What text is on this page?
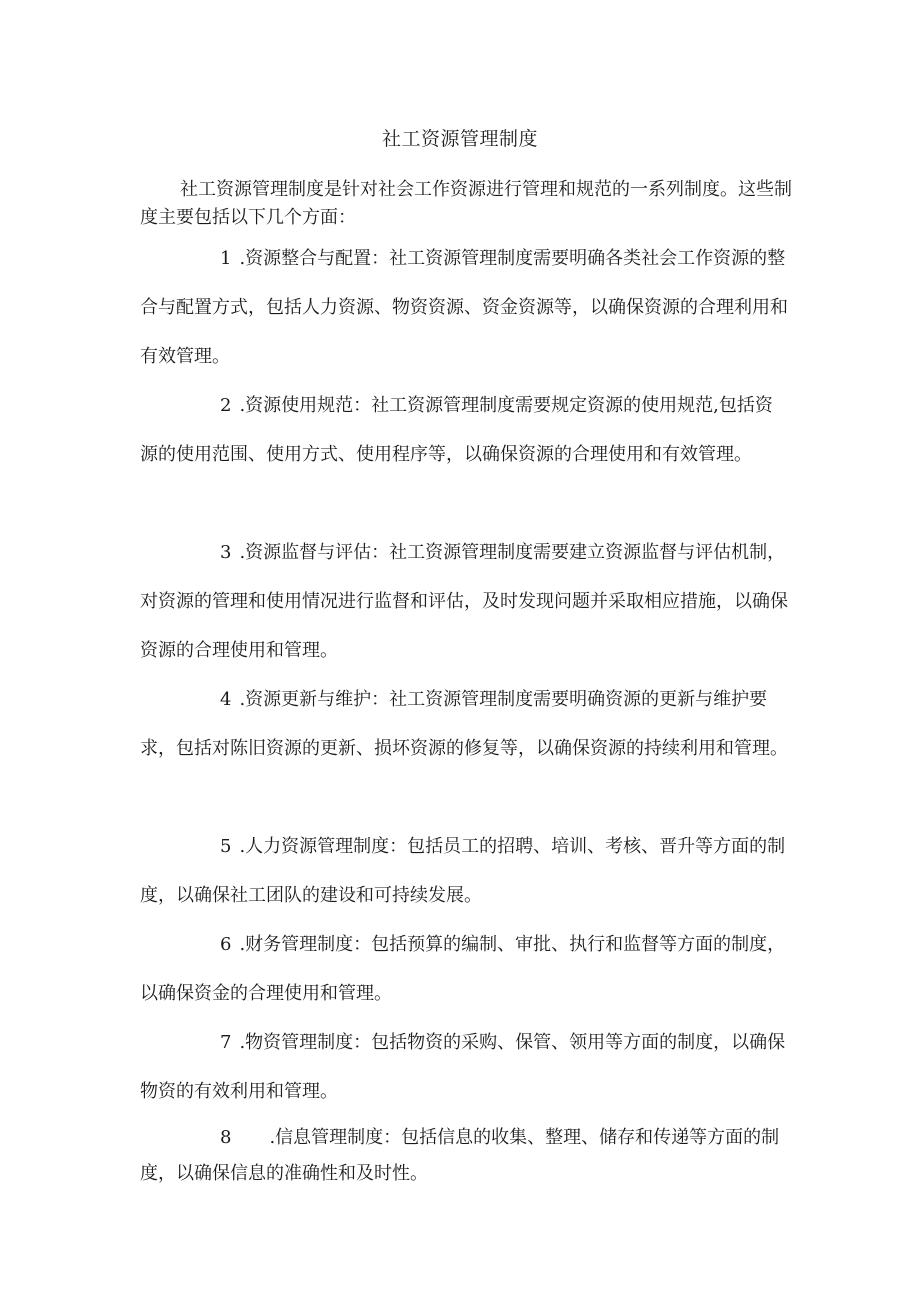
社工资源管理制度

社工资源管理制度是针对社会工作资源进行管理和规范的一系列制度。这些制度主要包括以下几个方面：

1 .资源整合与配置：社工资源管理制度需要明确各类社会工作资源的整合与配置方式，包括人力资源、物资资源、资金资源等，以确保资源的合理利用和有效管理。

2 .资源使用规范：社工资源管理制度需要规定资源的使用规范,包括资源的使用范围、使用方式、使用程序等，以确保资源的合理使用和有效管理。

3 .资源监督与评估：社工资源管理制度需要建立资源监督与评估机制，对资源的管理和使用情况进行监督和评估，及时发现问题并采取相应措施，以确保资源的合理使用和管理。

4 .资源更新与维护：社工资源管理制度需要明确资源的更新与维护要求，包括对陈旧资源的更新、损坏资源的修复等，以确保资源的持续利用和管理。

5 .人力资源管理制度：包括员工的招聘、培训、考核、晋升等方面的制度，以确保社工团队的建设和可持续发展。

6 .财务管理制度：包括预算的编制、审批、执行和监督等方面的制度，以确保资金的合理使用和管理。

7 .物资管理制度：包括物资的采购、保管、领用等方面的制度，以确保物资的有效利用和管理。

8 .信息管理制度：包括信息的收集、整理、储存和传递等方面的制度，以确保信息的准确性和及时性。
